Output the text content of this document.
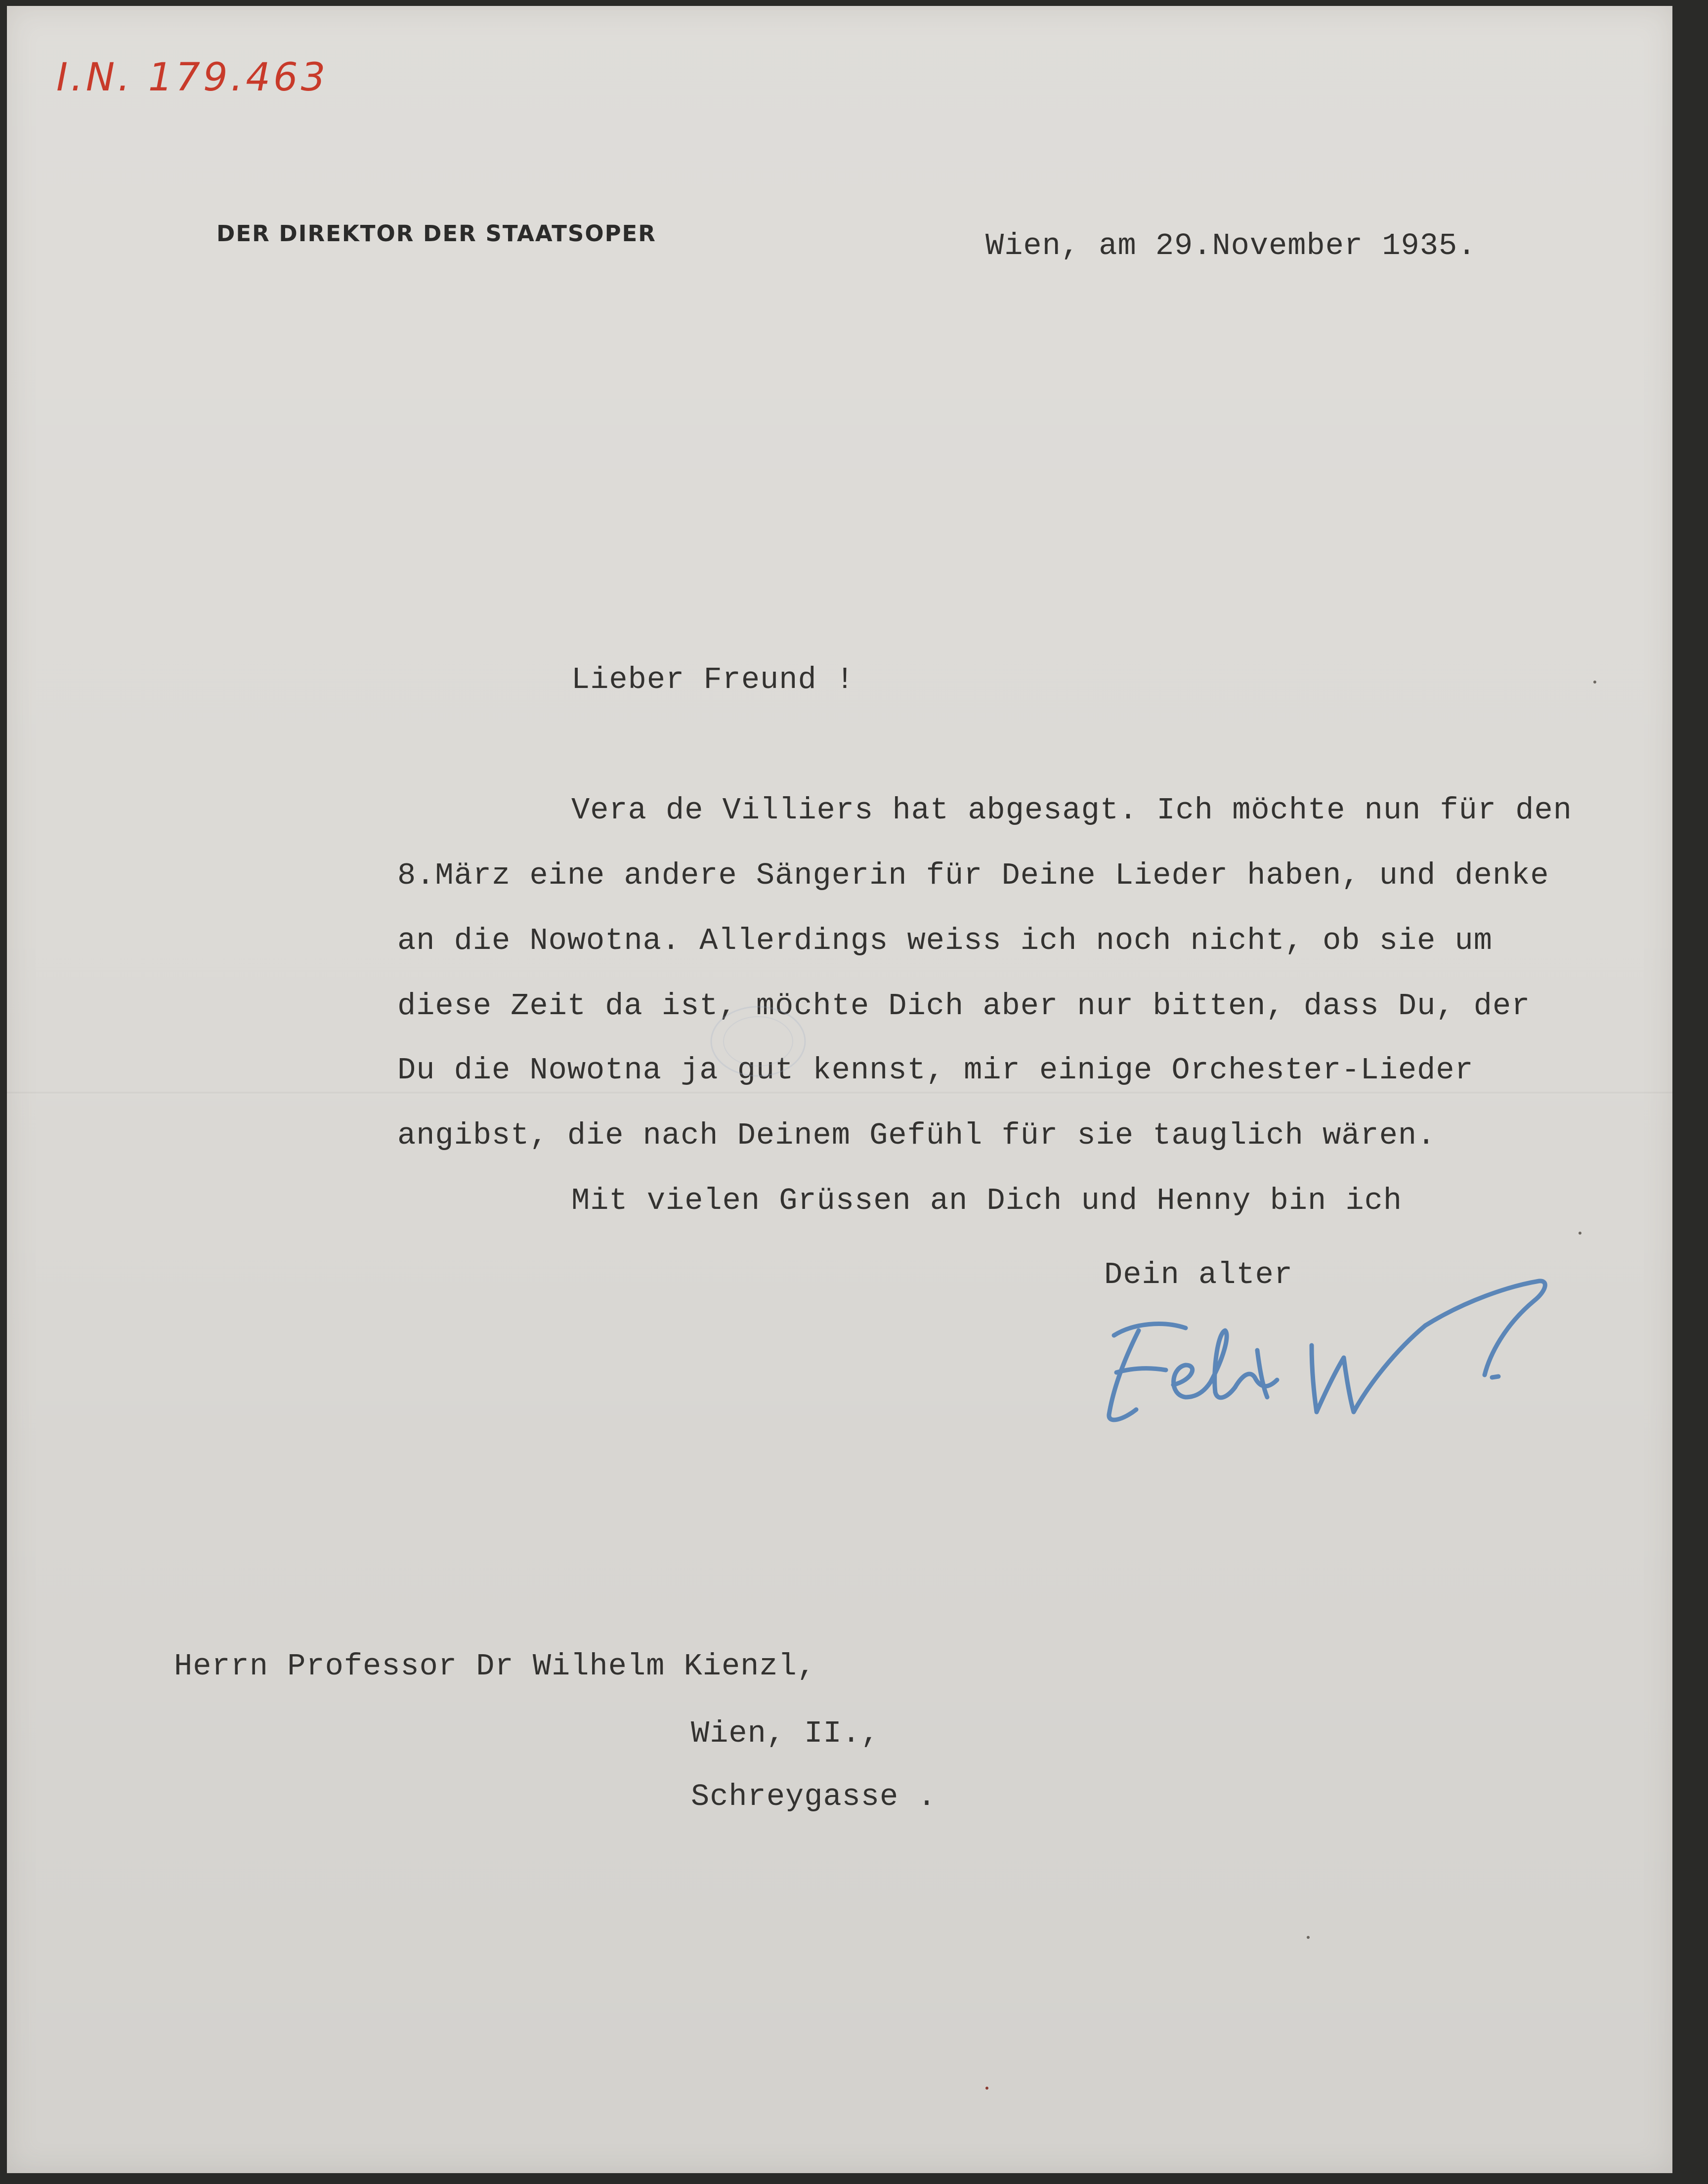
I.N. 179.463
DER DIREKTOR DER STAATSOPER	Wien, am 29.November 1935.
Lieber Freund !
Vera de Villiers hat abgesagt. Ich möchte nun für den
8.März eine andere Sängerin für Deine Lieder haben, und denke
an die Nowotna. Allerdings weiss ich noch nicht, ob sie um
diese Zeit da ist, möchte Dich aber nur bitten, dass Du, der
Du die Nowotna ja gut kennst, mir einige Orchester-Lieder
angibst, die nach Deinem Gefühl für sie tauglich wären.
Mit vielen Grüssen an Dich und Henny bin ich
Dein alter
Herrn Professor Dr Wilhelm Kienzl,
Wien, II.,
Schreygasse .
